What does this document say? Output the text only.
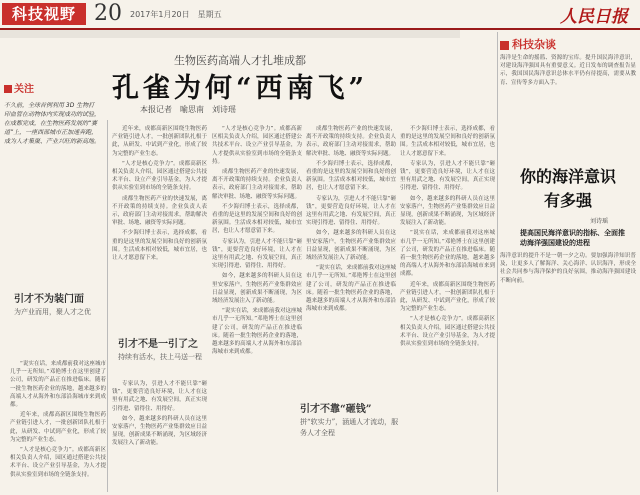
科技视野 20 2017年1月20日　星期五	人民日报
生物医药高端人才扎堆成都
孔雀为何“西南飞”
本报记者　喻思南　刘诗瑶
关注
不久前，全球首例利用 3D 生物打印血管在动物体内实现成功的试验，在成都完成，在生物医药发展的“赛道”上，一座西部城市正加速奔跑，成为人才集聚、产业兴旺的新高地。
引才不为装门面
为产业而用，聚人才之优
引才不是一引了之
持续有活水，扶上马送一程
引才不靠“砸钱”
拼“软实力”，涵通人才流动，服务人才全程

“说实在话，来成都前我对这座城市几乎一无所知。”邓艳博士在这里创建了公司，研发的产品正在推进临床。随着一批生物医药企业的落地，越来越多的高端人才从海外和东部沿海城市来到成都。

近年来，成都高新区围绕生物医药产业链引进人才，一批创新团队扎根于此，从研发、中试到产业化，形成了较为完整的产业生态。

“人才是核心竞争力”。成都高新区相关负责人介绍，园区通过搭建公共技术平台、设立产业引导基金，为人才提供从实验室到市场的全链条支持。

近年来，成都高新区围绕生物医药产业链引进人才，一批创新团队扎根于此，从研发、中试到产业化，形成了较为完整的产业生态。

“人才是核心竞争力”。成都高新区相关负责人介绍，园区通过搭建公共技术平台、设立产业引导基金，为人才提供从实验室到市场的全链条支持。

成都生物医药产业的快速发展，离不开政策的持续支持。企业负责人表示，政府部门主动对接需求，帮助解决审批、场地、融资等实际问题。

不少海归博士表示，选择成都，看重的是这里的发展空间和良好的创新氛围。生活成本相对较低，城市宜居，也让人才愿意留下来。

专家认为，引进人才不能只靠“砸钱”，更要营造良好环境，让人才在这里有用武之地、有发展空间，真正实现引得进、留得住、用得好。

如今，越来越多的科研人员在这里安家落户，生物医药产业集群效应日益显现，创新成果不断涌现，为区域经济发展注入了新动能。

“人才是核心竞争力”。成都高新区相关负责人介绍，园区通过搭建公共技术平台、设立产业引导基金，为人才提供从实验室到市场的全链条支持。

成都生物医药产业的快速发展，离不开政策的持续支持。企业负责人表示，政府部门主动对接需求，帮助解决审批、场地、融资等实际问题。

不少海归博士表示，选择成都，看重的是这里的发展空间和良好的创新氛围。生活成本相对较低，城市宜居，也让人才愿意留下来。

专家认为，引进人才不能只靠“砸钱”，更要营造良好环境，让人才在这里有用武之地、有发展空间，真正实现引得进、留得住、用得好。

如今，越来越多的科研人员在这里安家落户，生物医药产业集群效应日益显现，创新成果不断涌现，为区域经济发展注入了新动能。

“说实在话，来成都前我对这座城市几乎一无所知。”邓艳博士在这里创建了公司，研发的产品正在推进临床。随着一批生物医药企业的落地，越来越多的高端人才从海外和东部沿海城市来到成都。

成都生物医药产业的快速发展，离不开政策的持续支持。企业负责人表示，政府部门主动对接需求，帮助解决审批、场地、融资等实际问题。

不少海归博士表示，选择成都，看重的是这里的发展空间和良好的创新氛围。生活成本相对较低，城市宜居，也让人才愿意留下来。

专家认为，引进人才不能只靠“砸钱”，更要营造良好环境，让人才在这里有用武之地、有发展空间，真正实现引得进、留得住、用得好。

如今，越来越多的科研人员在这里安家落户，生物医药产业集群效应日益显现，创新成果不断涌现，为区域经济发展注入了新动能。

“说实在话，来成都前我对这座城市几乎一无所知。”邓艳博士在这里创建了公司，研发的产品正在推进临床。随着一批生物医药企业的落地，越来越多的高端人才从海外和东部沿海城市来到成都。

不少海归博士表示，选择成都，看重的是这里的发展空间和良好的创新氛围。生活成本相对较低，城市宜居，也让人才愿意留下来。

专家认为，引进人才不能只靠“砸钱”，更要营造良好环境，让人才在这里有用武之地、有发展空间，真正实现引得进、留得住、用得好。

如今，越来越多的科研人员在这里安家落户，生物医药产业集群效应日益显现，创新成果不断涌现，为区域经济发展注入了新动能。

“说实在话，来成都前我对这座城市几乎一无所知。”邓艳博士在这里创建了公司，研发的产品正在推进临床。随着一批生物医药企业的落地，越来越多的高端人才从海外和东部沿海城市来到成都。

近年来，成都高新区围绕生物医药产业链引进人才，一批创新团队扎根于此，从研发、中试到产业化，形成了较为完整的产业生态。

“人才是核心竞争力”。成都高新区相关负责人介绍，园区通过搭建公共技术平台、设立产业引导基金，为人才提供从实验室到市场的全链条支持。

科技杂谈
海洋是生命的摇篮、资源的宝库。提升国民海洋意识，对建设海洋强国具有重要意义。近日发布的调查报告显示，我国国民海洋意识总体水平仍有待提高，需要从教育、宣传等多方面入手。
海洋意识的提升不是一朝一夕之功。要加强海洋知识普及，让更多人了解海洋、关心海洋、认识海洋，形成全社会共同参与海洋保护的良好氛围，推动海洋强国建设不断向前。
你的海洋意识
有多强
刘诗瑶
提高国民海洋意识的指标、全面推动海洋强国建设的进程
